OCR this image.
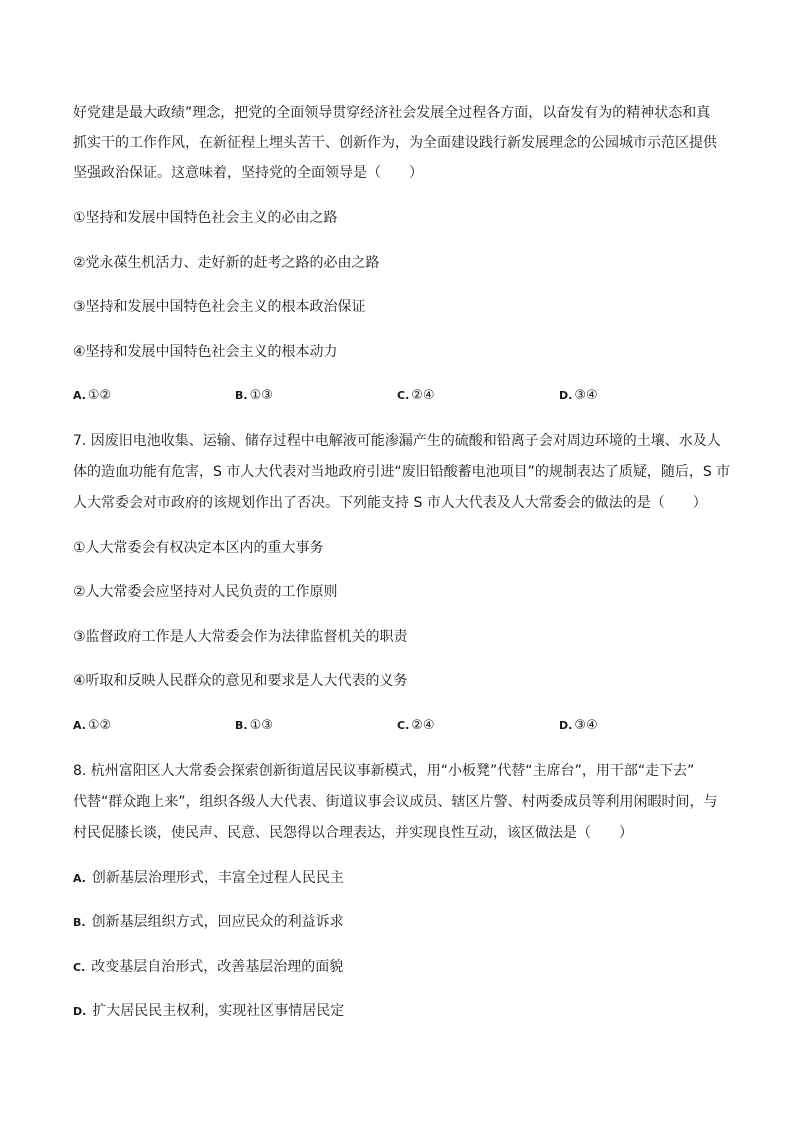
好党建是最大政绩”理念，把党的全面领导贯穿经济社会发展全过程各方面，以奋发有为的精神状态和真
抓实干的工作作风，在新征程上埋头苦干、创新作为，为全面建设践行新发展理念的公园城市示范区提供
坚强政治保证。这意味着，坚持党的全面领导是（　　）
①坚持和发展中国特色社会主义的必由之路
②党永葆生机活力、走好新的赶考之路的必由之路
③坚持和发展中国特色社会主义的根本政治保证
④坚持和发展中国特色社会主义的根本动力
A. ①②	B. ①③	C. ②④	D. ③④
7. 因废旧电池收集、运输、储存过程中电解液可能渗漏产生的硫酸和铅离子会对周边环境的土壤、水及人
体的造血功能有危害，S 市人大代表对当地政府引进“废旧铅酸蓄电池项目”的规制表达了质疑，随后，S 市
人大常委会对市政府的该规划作出了否决。下列能支持 S 市人大代表及人大常委会的做法的是（　　）
①人大常委会有权决定本区内的重大事务
②人大常委会应坚持对人民负责的工作原则
③监督政府工作是人大常委会作为法律监督机关的职责
④听取和反映人民群众的意见和要求是人大代表的义务
A. ①②	B. ①③	C. ②④	D. ③④
8. 杭州富阳区人大常委会探索创新街道居民议事新模式，用“小板凳”代替“主席台”，用干部“走下去”
代替“群众跑上来”，组织各级人大代表、街道议事会议成员、辖区片警、村两委成员等利用闲暇时间，与
村民促膝长谈，使民声、民意、民怨得以合理表达，并实现良性互动，该区做法是（　　）
A. 创新基层治理形式，丰富全过程人民民主
B. 创新基层组织方式，回应民众的利益诉求
C. 改变基层自治形式，改善基层治理的面貌
D. 扩大居民民主权利，实现社区事情居民定
